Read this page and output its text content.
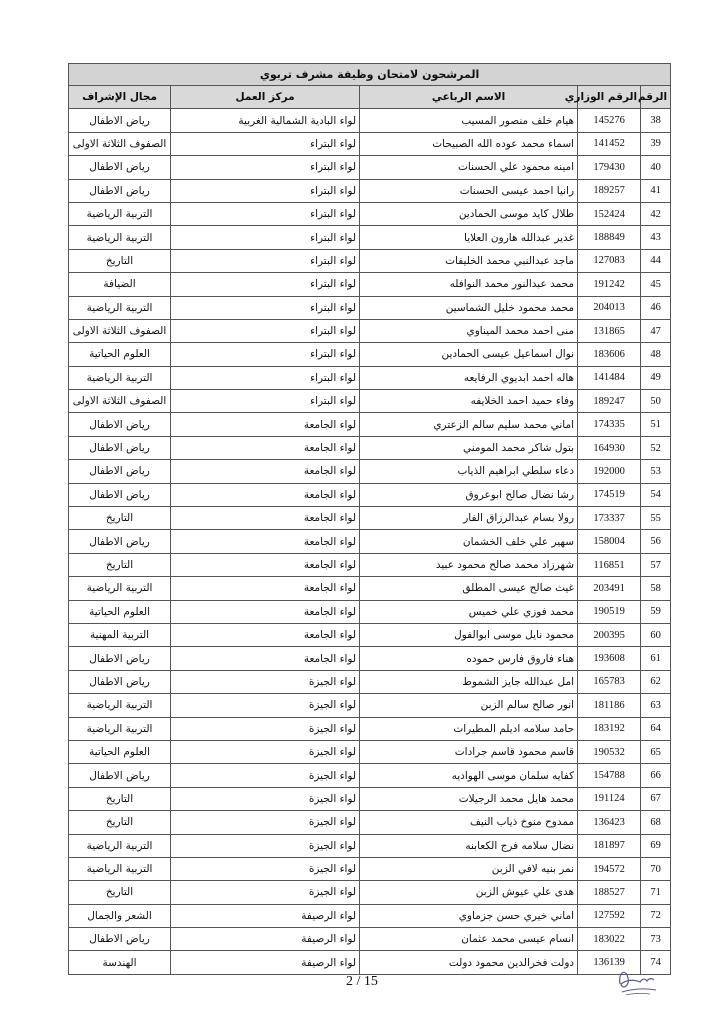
المرشحون لامتحان وظيفة مشرف تربوي				
الرقم	الرقم الوزاري	الاسم الرباعي	مركز العمل	مجال الإشراف
38	145276	هيام خلف منصور المسيب	لواء البادية الشمالية الغربية	رياض الاطفال
39	141452	اسماء محمد عوده الله الصبيحات	لواء البتراء	الصفوف الثلاثة الاولى
40	179430	امينه محمود علي الحسنات	لواء البتراء	رياض الاطفال
41	189257	رانيا احمد عيسى الحسنات	لواء البتراء	رياض الاطفال
42	152424	طلال كايد موسى الحمادين	لواء البتراء	التربية الرياضية
43	188849	غدير عبدالله هارون العلايا	لواء البتراء	التربية الرياضية
44	127083	ماجد عبدالنبي محمد الخليفات	لواء البتراء	التاريخ
45	191242	محمد عبدالنور محمد النوافله	لواء البتراء	الضيافة
46	204013	محمد محمود خليل الشماسين	لواء البتراء	التربية الرياضية
47	131865	منى احمد محمد الميناوي	لواء البتراء	الصفوف الثلاثة الاولى
48	183606	نوال اسماعيل عيسى الحمادين	لواء البتراء	العلوم الحياتية
49	141484	هاله احمد ابديوي الرفايعه	لواء البتراء	التربية الرياضية
50	189247	وفاء حميد احمد الخلايفه	لواء البتراء	الصفوف الثلاثة الاولى
51	174335	اماني محمد سليم سالم الزعتري	لواء الجامعة	رياض الاطفال
52	164930	بتول شاكر محمد المومني	لواء الجامعة	رياض الاطفال
53	192000	دعاء سلطي ابراهيم الذياب	لواء الجامعة	رياض الاطفال
54	174519	رشا نضال صالح ابوعروق	لواء الجامعة	رياض الاطفال
55	173337	رولا بسام عبدالرزاق الفار	لواء الجامعة	التاريخ
56	158004	سهير علي خلف الخشمان	لواء الجامعة	رياض الاطفال
57	116851	شهرزاد محمد صالح محمود عبيد	لواء الجامعة	التاريخ
58	203491	غيث صالح عيسى المطلق	لواء الجامعة	التربية الرياضية
59	190519	محمد فوزي علي خميس	لواء الجامعة	العلوم الحياتية
60	200395	محمود نايل موسى ابوالفول	لواء الجامعة	التربية المهنية
61	193608	هناء فاروق فارس حموده	لواء الجامعة	رياض الاطفال
62	165783	امل عبدالله جايز الشموط	لواء الجيزة	رياض الاطفال
63	181186	انور صالح سالم الزبن	لواء الجيزة	التربية الرياضية
64	183192	حامد سلامه اديلم المطيرات	لواء الجيزة	التربية الرياضية
65	190532	قاسم محمود قاسم جرادات	لواء الجيزة	العلوم الحياتية
66	154788	كفايه سلمان موسى الهواديه	لواء الجيزة	رياض الاطفال
67	191124	محمد هايل محمد الرجيلات	لواء الجيزة	التاريخ
68	136423	ممدوح منوخ ذياب النيف	لواء الجيزة	التاريخ
69	181897	نضال سلامه فرج الكعابنه	لواء الجيزة	التربية الرياضية
70	194572	نمر بنيه لافي الزبن	لواء الجيزة	التربية الرياضية
71	188527	هدى علي عيوش الزبن	لواء الجيزة	التاريخ
72	127592	اماني خيري حسن جزماوي	لواء الرصيفة	الشعر والجمال
73	183022	انسام عيسى محمد عثمان	لواء الرصيفة	رياض الاطفال
74	136139	دولت فخرالدين محمود دولت	لواء الرصيفة	الهندسة
2 / 15
